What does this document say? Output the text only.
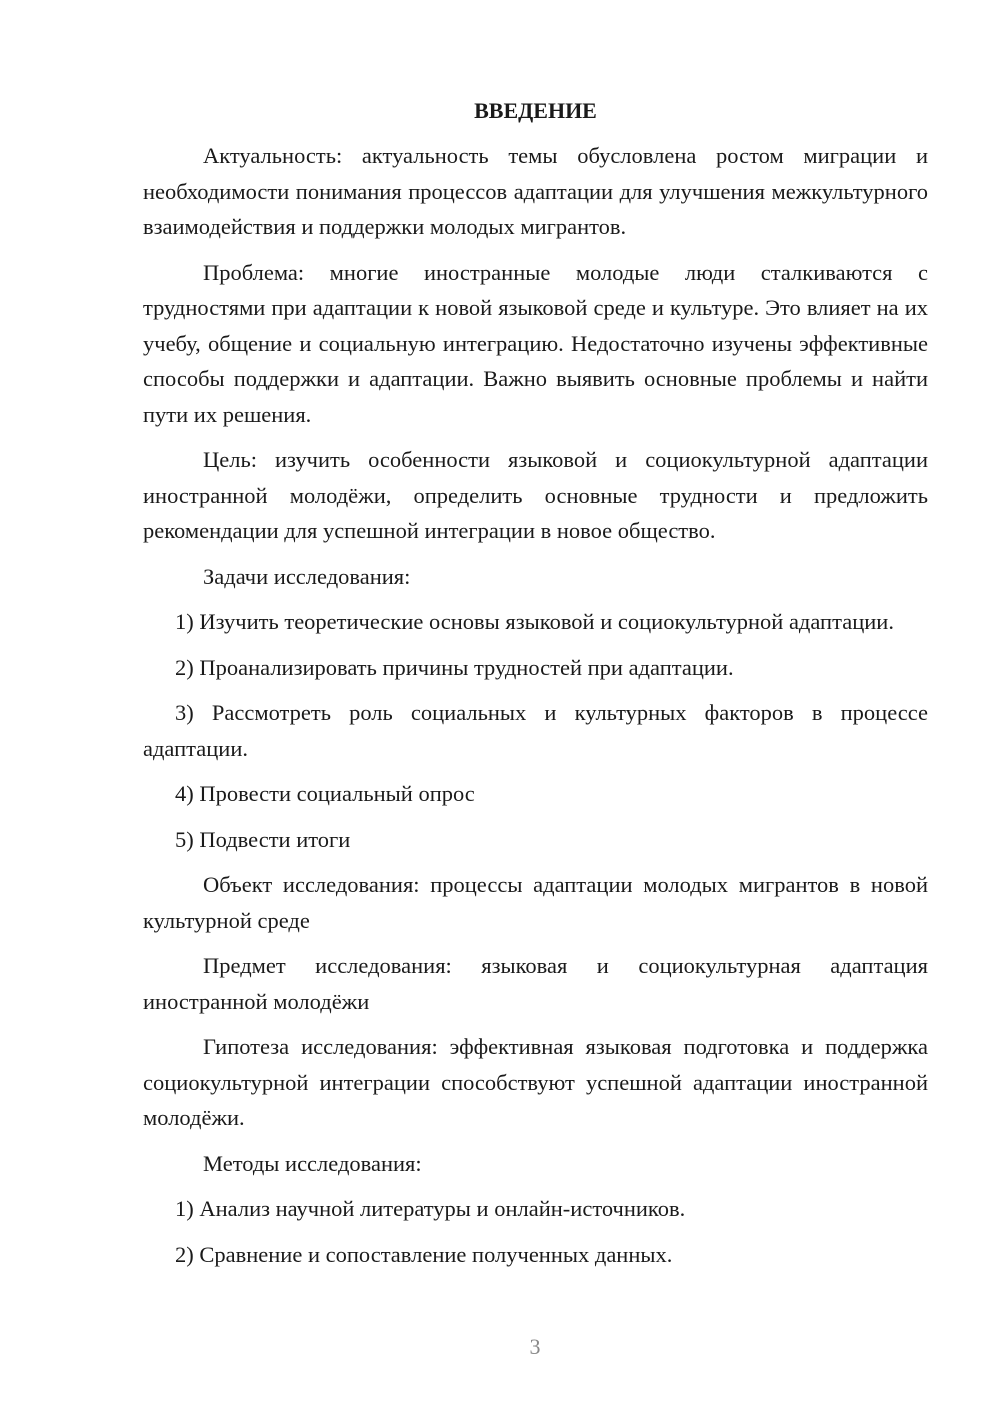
ВВЕДЕНИЕ

Актуальность: актуальность темы обусловлена ростом миграции и необходимости понимания процессов адаптации для улучшения межкультурного взаимодействия и поддержки молодых мигрантов.

Проблема: многие иностранные молодые люди сталкиваются с трудностями при адаптации к новой языковой среде и культуре. Это влияет на их учебу, общение и социальную интеграцию. Недостаточно изучены эффективные способы поддержки и адаптации. Важно выявить основные проблемы и найти пути их решения.

Цель: изучить особенности языковой и социокультурной адаптации иностранной молодёжи, определить основные трудности и предложить рекомендации для успешной интеграции в новое общество.

Задачи исследования:

1) Изучить теоретические основы языковой и социокультурной адаптации.

2) Проанализировать причины трудностей при адаптации.

3) Рассмотреть роль социальных и культурных факторов в процессе адаптации.

4) Провести социальный опрос

5) Подвести итоги

Объект исследования: процессы адаптации молодых мигрантов в новой культурной среде

Предмет исследования: языковая и социокультурная адаптация иностранной молодёжи

Гипотеза исследования: эффективная языковая подготовка и поддержка социокультурной интеграции способствуют успешной адаптации иностранной молодёжи.

Методы исследования:

1) Анализ научной литературы и онлайн-источников.

2) Сравнение и сопоставление полученных данных.

3
